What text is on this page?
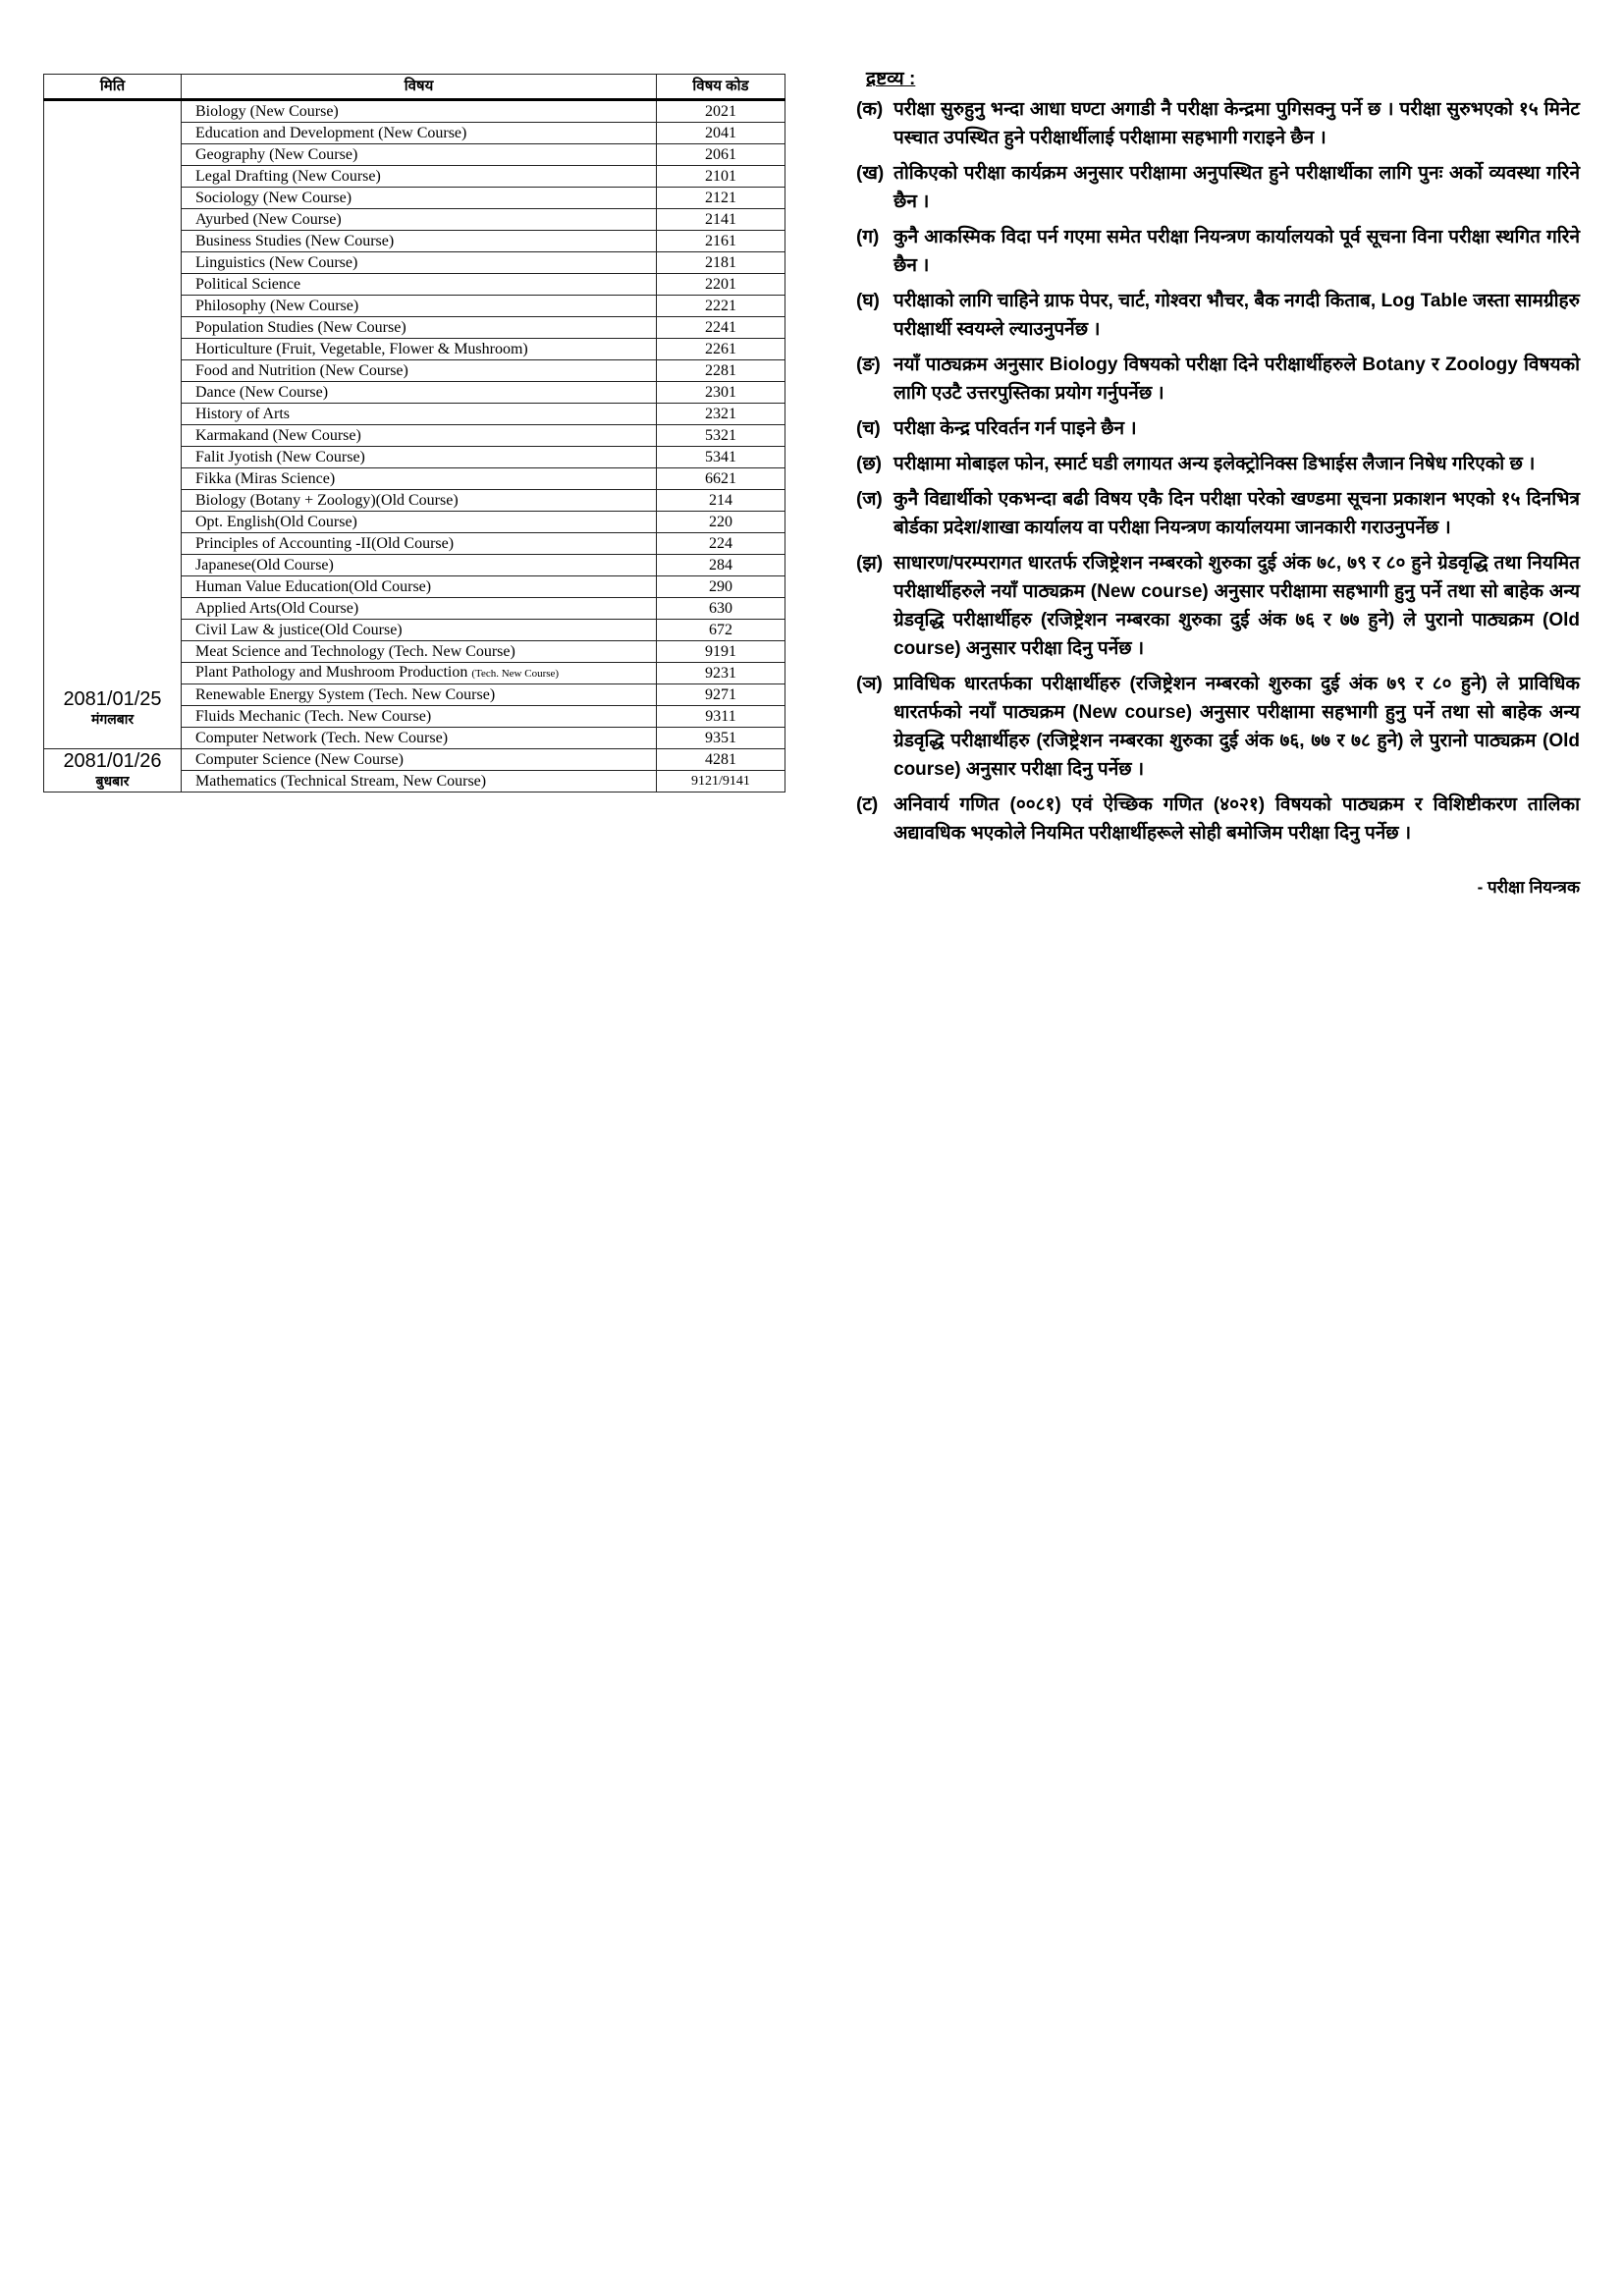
मिति	विषय	विषय कोड

2081/01/25
मंगलबार	Biology (New Course)	2021
	Education and Development (New Course)	2041
	Geography (New Course)	2061
	Legal Drafting (New Course)	2101
	Sociology (New Course)	2121
	Ayurbed (New Course)	2141
	Business Studies (New Course)	2161
	Linguistics (New Course)	2181
	Political Science	2201
	Philosophy (New Course)	2221
	Population Studies (New Course)	2241
	Horticulture (Fruit, Vegetable, Flower & Mushroom)	2261
	Food and Nutrition (New Course)	2281
	Dance (New Course)	2301
	History of Arts	2321
	Karmakand (New Course)	5321
	Falit Jyotish (New Course)	5341
	Fikka (Miras Science)	6621
	Biology (Botany + Zoology)(Old Course)	214
	Opt. English(Old Course)	220
	Principles of Accounting -II(Old Course)	224
	Japanese(Old Course)	284
	Human Value Education(Old Course)	290
	Applied Arts(Old Course)	630
	Civil Law & justice(Old Course)	672
	Meat Science and Technology (Tech. New Course)	9191
	Plant Pathology and Mushroom Production (Tech. New Course)	9231
	Renewable Energy System (Tech. New Course)	9271
	Fluids Mechanic (Tech. New Course)	9311
	Computer Network (Tech. New Course)	9351

2081/01/26
बुधबार	Computer Science (New Course)	4281
	Mathematics (Technical Stream, New Course)	9121/9141
द्रष्टव्य :
(क) परीक्षा सुरुहुनु भन्दा आधा घण्टा अगाडी नै परीक्षा केन्द्रमा पुगिसक्नु पर्ने छ । परीक्षा सुरुभएको १५ मिनेट पस्चात उपस्थित हुने परीक्षार्थीलाई परीक्षामा सहभागी गराइने छैन ।
(ख) तोकिएको परीक्षा कार्यक्रम अनुसार परीक्षामा अनुपस्थित हुने परीक्षार्थीका लागि पुनः अर्को व्यवस्था गरिने छैन ।
(ग) कुनै आकस्मिक विदा पर्न गएमा समेत परीक्षा नियन्त्रण कार्यालयको पूर्व सूचना विना परीक्षा स्थगित गरिने छैन ।
(घ) परीक्षाको लागि चाहिने ग्राफ पेपर, चार्ट, गोश्वरा भौचर, बैक नगदी किताब, Log Table जस्ता सामग्रीहरु परीक्षार्थी स्वयम्ले ल्याउनुपर्नेछ ।
(ङ) नयाँ पाठ्यक्रम अनुसार Biology विषयको परीक्षा दिने परीक्षार्थीहरुले Botany र Zoology विषयको लागि एउटै उत्तरपुस्तिका प्रयोग गर्नुपर्नेछ ।
(च) परीक्षा केन्द्र परिवर्तन गर्न पाइने छैन ।
(छ) परीक्षामा मोबाइल फोन, स्मार्ट घडी लगायत अन्य इलेक्ट्रोनिक्स डिभाईस लैजान निषेध गरिएको छ ।
(ज) कुनै विद्यार्थीको एकभन्दा बढी विषय एकै दिन परीक्षा परेको खण्डमा सूचना प्रकाशन भएको १५ दिनभित्र बोर्डका प्रदेश/शाखा कार्यालय वा परीक्षा नियन्त्रण कार्यालयमा जानकारी गराउनुपर्नेछ ।
(झ) साधारण/परम्परागत धारतर्फ रजिष्ट्रेशन नम्बरको शुरुका दुई अंक ७८, ७९ र ८० हुने ग्रेडवृद्धि तथा नियमित परीक्षार्थीहरुले नयाँ पाठ्यक्रम (New course) अनुसार परीक्षामा सहभागी हुनु पर्ने तथा सो बाहेक अन्य ग्रेडवृद्धि परीक्षार्थीहरु (रजिष्ट्रेशन नम्बरका शुरुका दुई अंक ७६ र ७७ हुने) ले पुरानो पाठ्यक्रम (Old course) अनुसार परीक्षा दिनु पर्नेछ ।
(ञ) प्राविधिक धारतर्फका परीक्षार्थीहरु (रजिष्ट्रेशन नम्बरको शुरुका दुई अंक ७९ र ८० हुने) ले प्राविधिक धारतर्फको नयाँ पाठ्यक्रम (New course) अनुसार परीक्षामा सहभागी हुनु पर्ने तथा सो बाहेक अन्य ग्रेडवृद्धि परीक्षार्थीहरु (रजिष्ट्रेशन नम्बरका शुरुका दुई अंक ७६, ७७ र ७८ हुने) ले पुरानो पाठ्यक्रम (Old course) अनुसार परीक्षा दिनु पर्नेछ ।
(ट) अनिवार्य गणित (००८१) एवं ऐच्छिक गणित (४०२१) विषयको पाठ्यक्रम र विशिष्टीकरण तालिका अद्यावधिक भएकोले नियमित परीक्षार्थीहरूले सोही बमोजिम परीक्षा दिनु पर्नेछ ।
- परीक्षा नियन्त्रक
